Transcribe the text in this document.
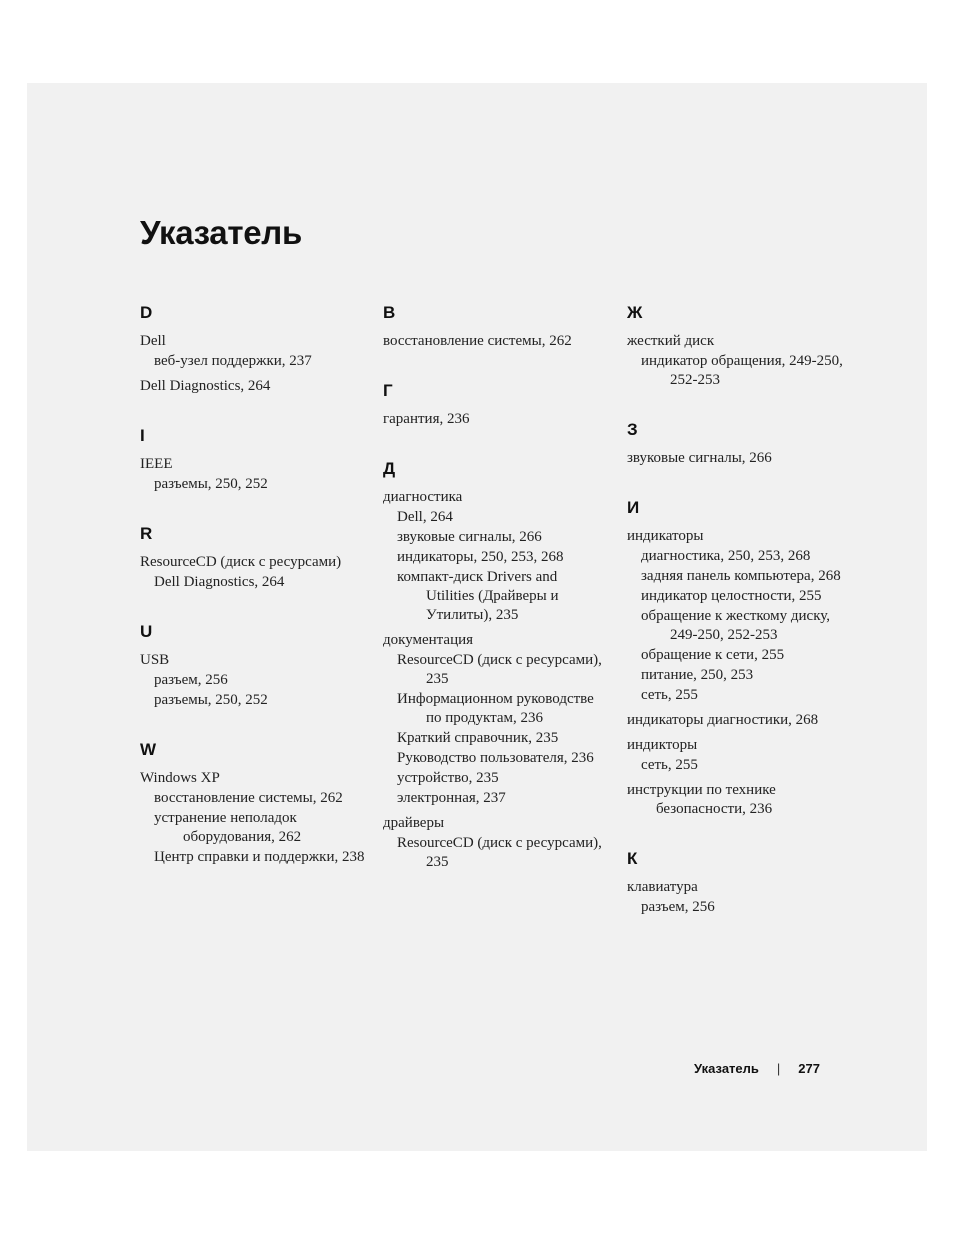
Указатель
D
Dell
веб-узел поддержки, 237
Dell Diagnostics, 264
I
IEEE
разъемы, 250, 252
R
ResourceCD (диск с ресурсами)
Dell Diagnostics, 264
U
USB
разъем, 256
разъемы, 250, 252
W
Windows XP
восстановление системы, 262
устранение неполадок оборудования, 262
Центр справки и поддержки, 238
В
восстановление системы, 262
Г
гарантия, 236
Д
диагностика
Dell, 264
звуковые сигналы, 266
индикаторы, 250, 253, 268
компакт-диск Drivers and Utilities (Драйверы и Утилиты), 235
документация
ResourceCD (диск с ресурсами), 235
Информационном руководстве по продуктам, 236
Краткий справочник, 235
Руководство пользователя, 236
устройство, 235
электронная, 237
драйверы
ResourceCD (диск с ресурсами), 235
Ж
жесткий диск
индикатор обращения, 249-250, 252-253
З
звуковые сигналы, 266
И
индикаторы
диагностика, 250, 253, 268
задняя панель компьютера, 268
индикатор целостности, 255
обращение к жесткому диску, 249-250, 252-253
обращение к сети, 255
питание, 250, 253
сеть, 255
индикаторы диагностики, 268
индикторы
сеть, 255
инструкции по технике безопасности, 236
К
клавиатура
разъем, 256
Указатель | 277
